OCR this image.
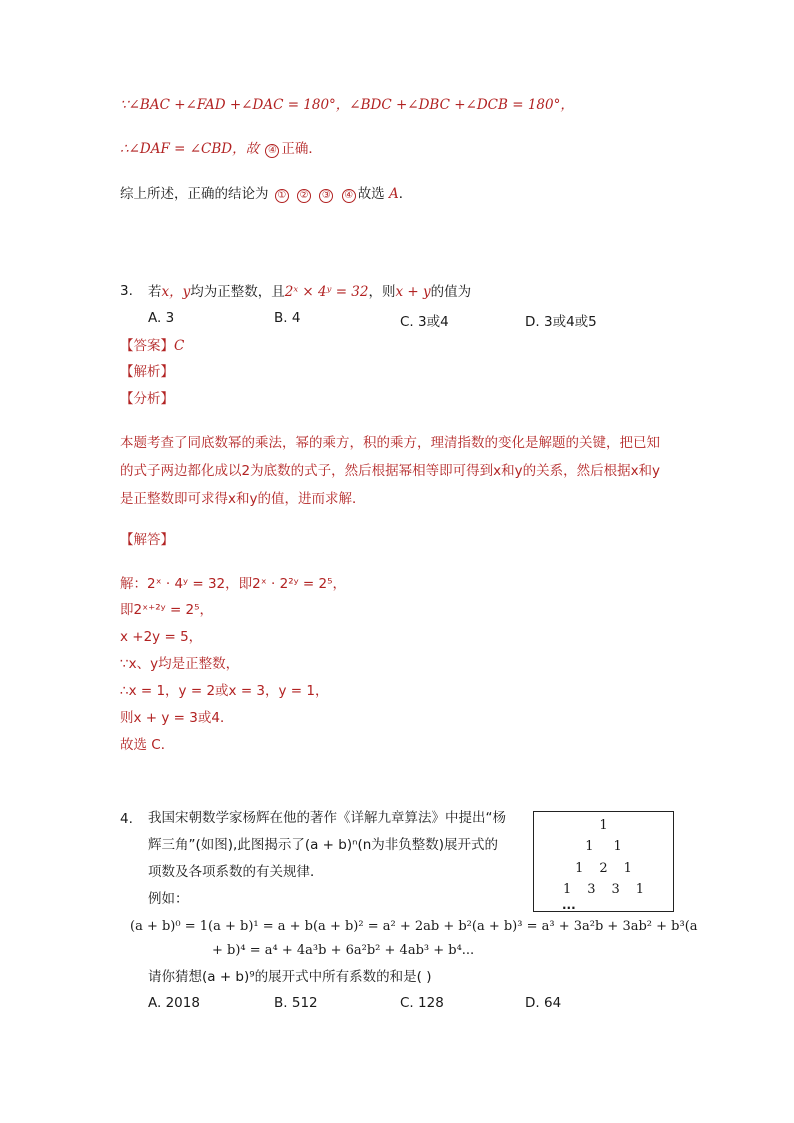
∵∠BAC +∠FAD +∠DAC = 180°，∠BDC +∠DBC +∠DCB = 180°，
∴∠DAF = ∠CBD，故 ④ 正确．
综上所述，正确的结论为 ① ② ③ ④ 故选 A．
3. 若x，y均为正整数，且2ˣ × 4ʸ = 32，则x + y的值为
A. 3	B. 4	C. 3或4	D. 3或4或5
【答案】C
【解析】
【分析】
本题考查了同底数幂的乘法，幂的乘方，积的乘方，理清指数的变化是解题的关键，把已知
的式子两边都化成以2为底数的式子，然后根据幂相等即可得到x和y的关系，然后根据x和y
是正整数即可求得x和y的值，进而求解．
【解答】
解：2ˣ · 4ʸ = 32，即2ˣ · 2²ʸ = 2⁵，
即2ˣ⁺²ʸ = 2⁵，
x +2y = 5，
∵x、y均是正整数，
∴x = 1，y = 2或x = 3，y = 1，
则x + y = 3或4．
故选 C．
4. 我国宋朝数学家杨辉在他的著作《详解九章算法》中提出“杨
辉三角”(如图),此图揭示了(a + b)ⁿ(n为非负整数)展开式的
项数及各项系数的有关规律．
例如：
1
1 1
1 2 1
1 3 3 1
...
(a + b)⁰ = 1(a + b)¹ = a + b(a + b)² = a² + 2ab + b²(a + b)³ = a³ + 3a²b + 3ab² + b³(a
+ b)⁴ = a⁴ + 4a³b + 6a²b² + 4ab³ + b⁴...
请你猜想(a + b)⁹的展开式中所有系数的和是( )
A. 2018	B. 512	C. 128	D. 64
